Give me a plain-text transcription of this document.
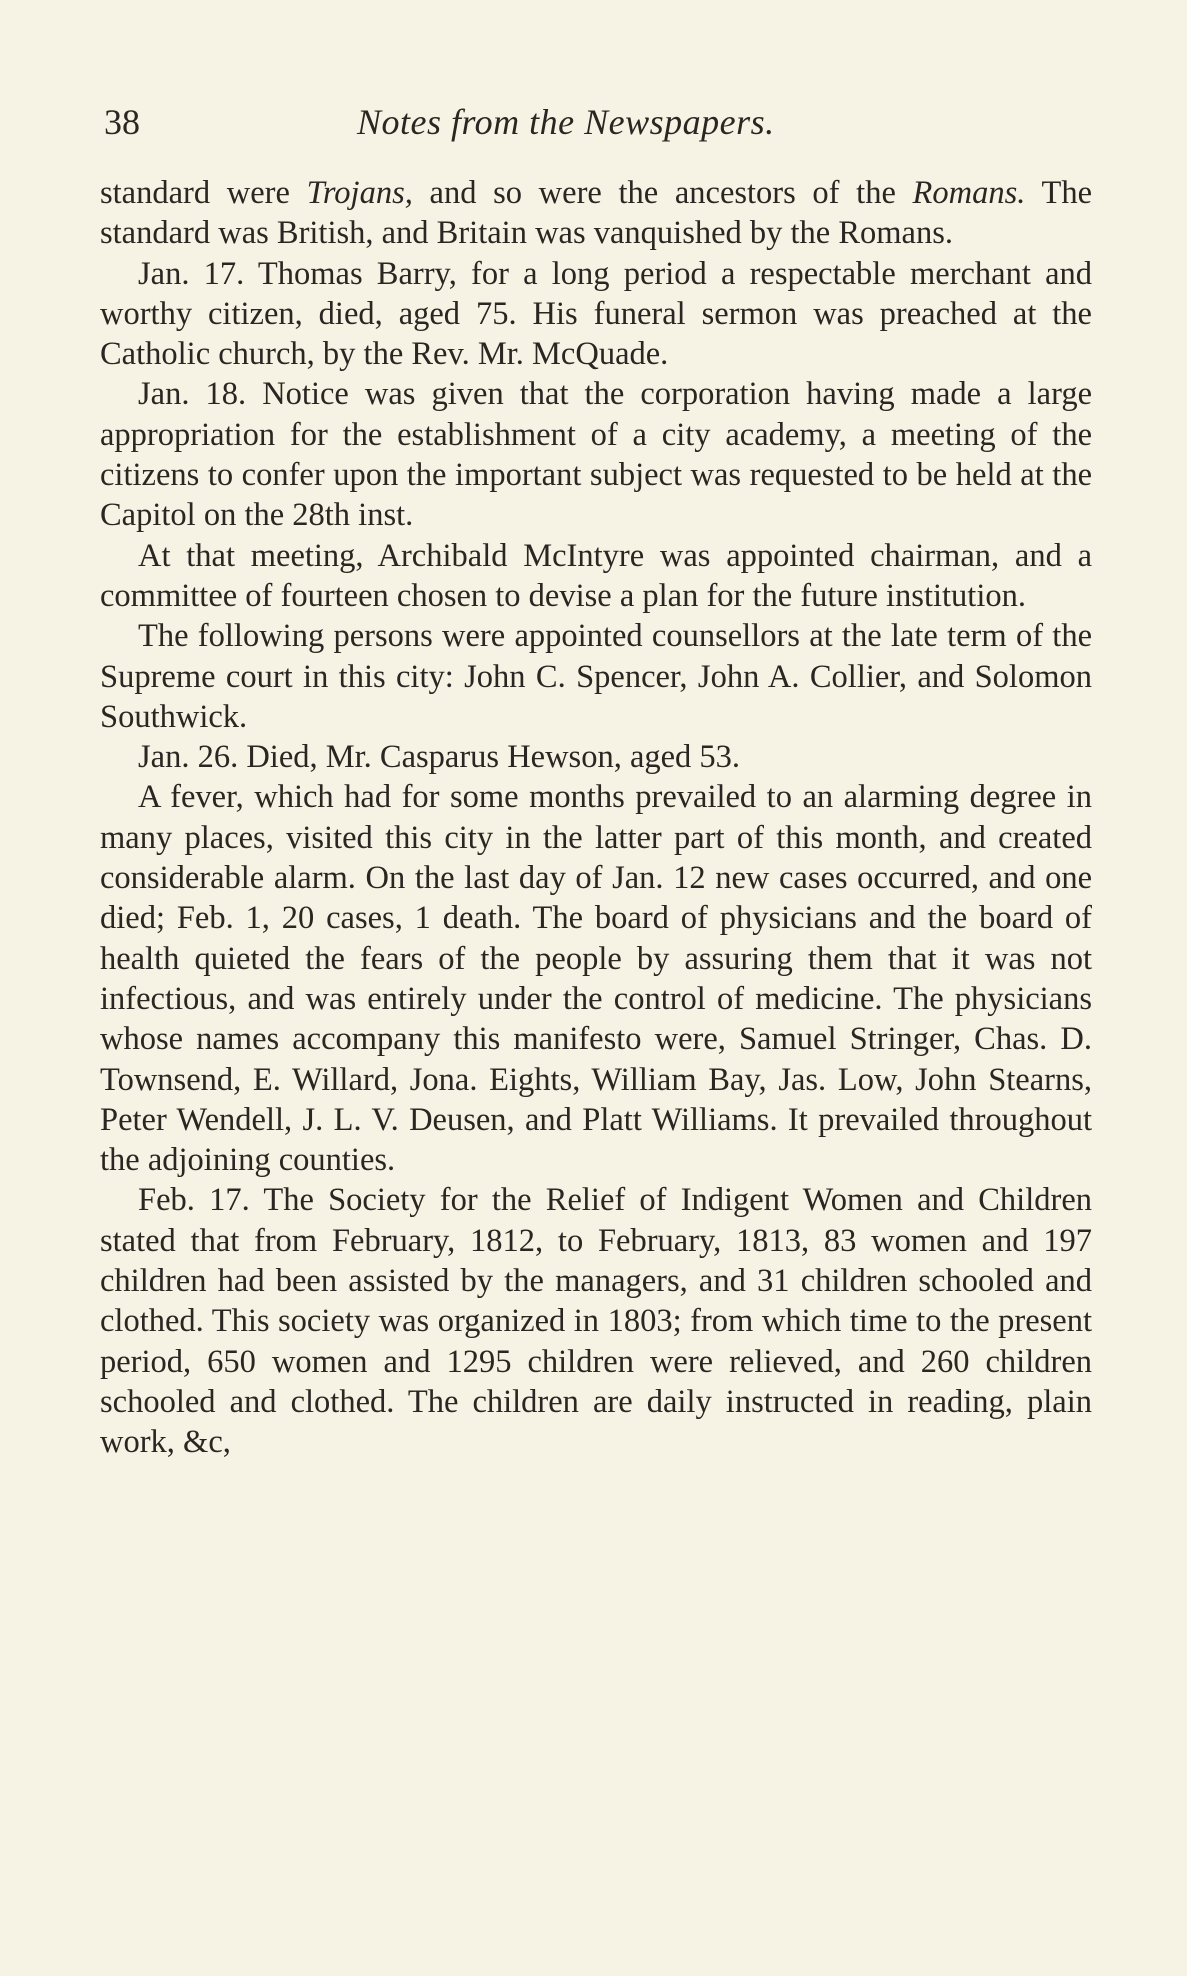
38	Notes from the Newspapers.

standard were Trojans, and so were the ancestors of the Romans. The standard was British, and Britain was vanquished by the Romans.

Jan. 17. Thomas Barry, for a long period a respectable merchant and worthy citizen, died, aged 75. His funeral sermon was preached at the Catholic church, by the Rev. Mr. McQuade.

Jan. 18. Notice was given that the corporation having made a large appropriation for the establishment of a city academy, a meeting of the citizens to confer upon the important subject was requested to be held at the Capitol on the 28th inst.

At that meeting, Archibald McIntyre was appointed chairman, and a committee of fourteen chosen to devise a plan for the future institution.

The following persons were appointed counsellors at the late term of the Supreme court in this city: John C. Spencer, John A. Collier, and Solomon Southwick.

Jan. 26. Died, Mr. Casparus Hewson, aged 53.

A fever, which had for some months prevailed to an alarming degree in many places, visited this city in the latter part of this month, and created considerable alarm. On the last day of Jan. 12 new cases occurred, and one died; Feb. 1, 20 cases, 1 death. The board of physicians and the board of health quieted the fears of the people by assuring them that it was not infectious, and was entirely under the control of medicine. The physicians whose names accompany this manifesto were, Samuel Stringer, Chas. D. Townsend, E. Willard, Jona. Eights, William Bay, Jas. Low, John Stearns, Peter Wendell, J. L. V. Deusen, and Platt Williams. It prevailed throughout the adjoining counties.

Feb. 17. The Society for the Relief of Indigent Women and Children stated that from February, 1812, to February, 1813, 83 women and 197 children had been assisted by the managers, and 31 children schooled and clothed. This society was organized in 1803; from which time to the present period, 650 women and 1295 children were relieved, and 260 children schooled and clothed. The children are daily instructed in reading, plain work, &c,
